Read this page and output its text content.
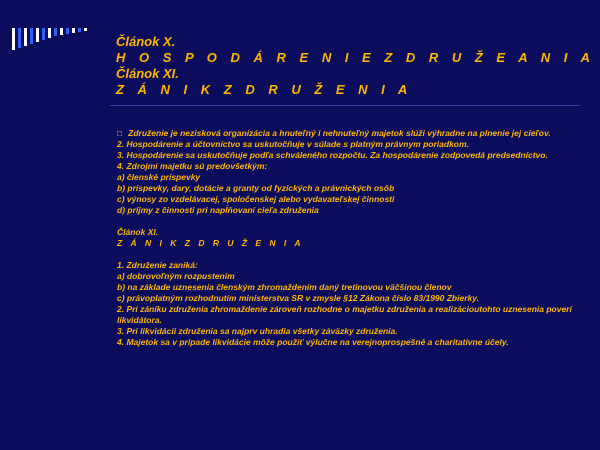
Článok X.
H O S P O D Á R E N I E Z D R U Ž E A N I A
Článok XI.
Z Á N I K Z D R U Ž E N I A

□ Združenie je nezisková organizácia a hnuteľný i nehnuteľný majetok slúži výhradne na plnenie jej cieľov.

2. Hospodárenie a účtovníctvo sa uskutočňuje v súlade s platným právnym poriadkom.

3. Hospodárenie sa uskutočňuje podľa schváleného rozpočtu. Za hospodárenie zodpovedá predsedníctvo.

4. Zdrojmi majetku sú predovšetkým:

a) členské príspevky

b) príspevky, dary, dotácie a granty od fyzických a právnických osôb

c) výnosy zo vzdelávacej, spoločenskej alebo vydavateľskej činnosti

d) príjmy z činnosti pri napĺňovaní cieľa združenia

Článok XI.

Z Á N I K Z D R U Ž E N I A

1. Združenie zaniká:

a) dobrovoľným rozpustením

b) na základe uznesenia členským zhromaždením daný tretinovou väčšinou členov

c) právoplatným rozhodnutím ministerstva SR v zmysle §12 Zákona číslo 83/1990 Zbierky.

2. Pri zániku združenia zhromaždenie zároveň rozhodne o majetku združenia a realizácioutohto uznesenia poverí likvidátora.

3. Pri likvidácii združenia sa najprv uhradia všetky záväzky združenia.

4. Majetok sa v prípade likvidácie môže použiť výlučne na verejnoprospešné a charitatívne účely.
